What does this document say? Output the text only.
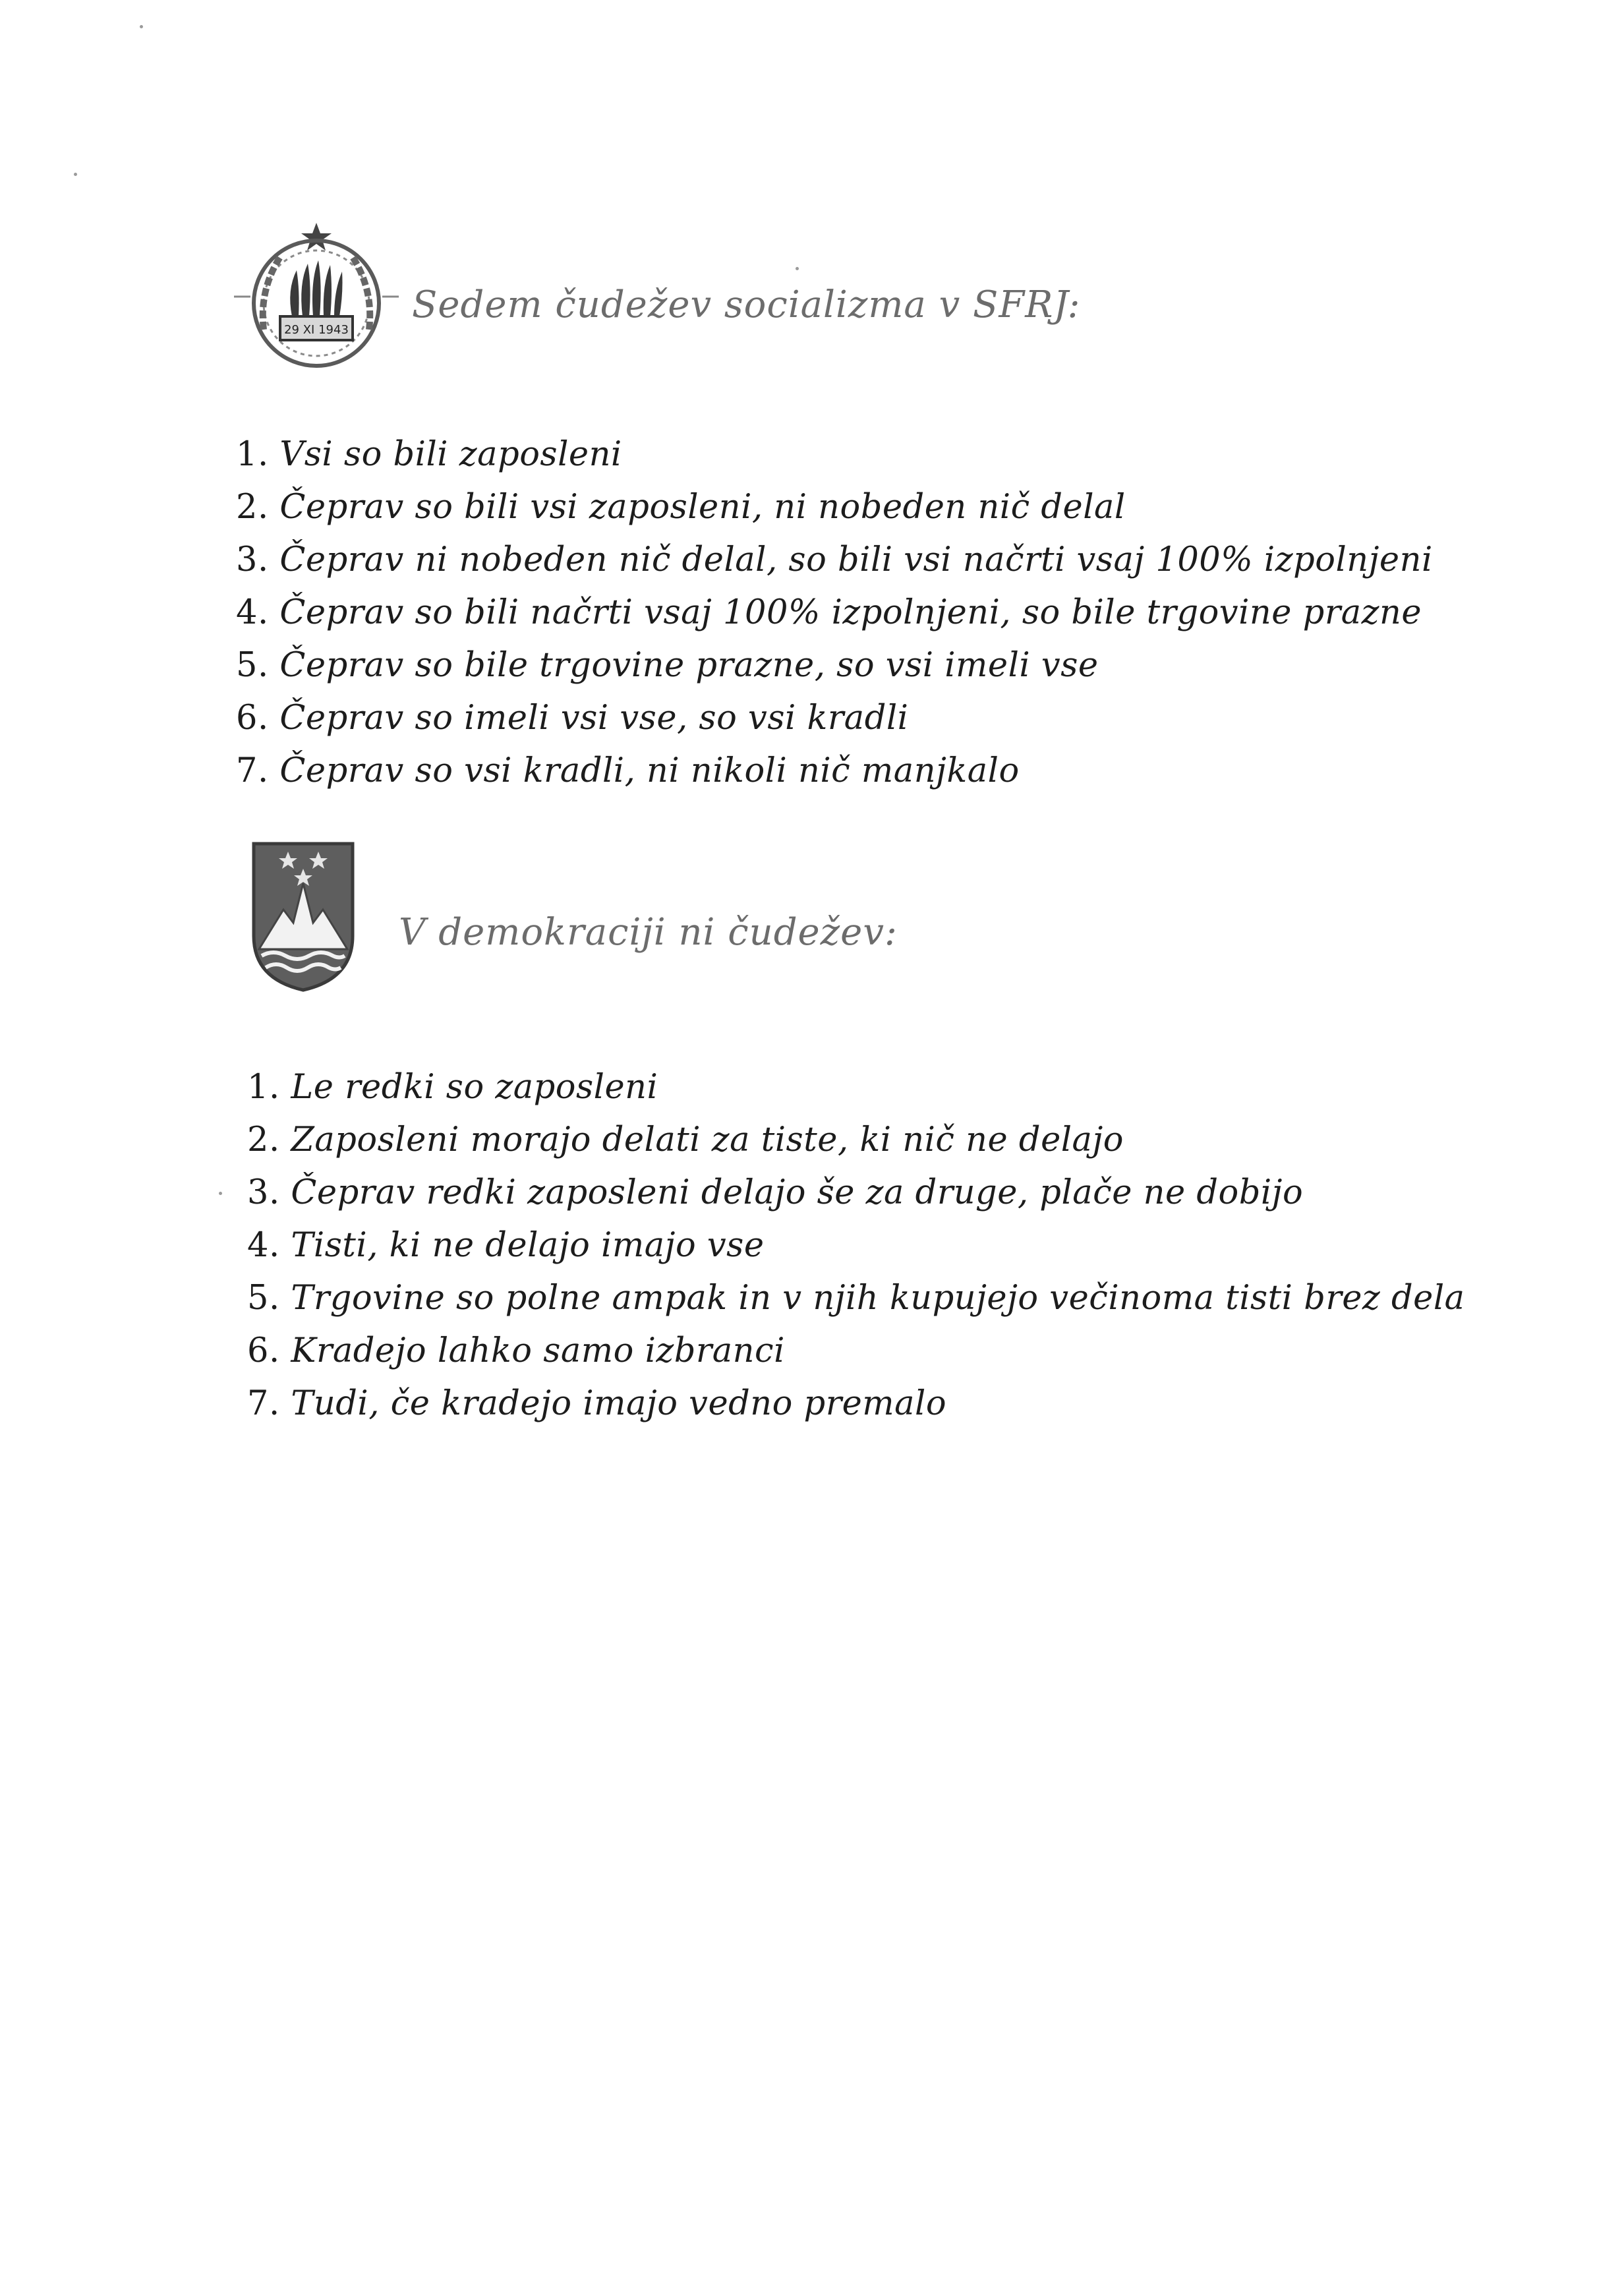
29 XI 1943
Sedem čudežev socializma v SFRJ:
1. Vsi so bili zaposleni
2. Čeprav so bili vsi zaposleni, ni nobeden nič delal
3. Čeprav ni nobeden nič delal, so bili vsi načrti vsaj 100% izpolnjeni
4. Čeprav so bili načrti vsaj 100% izpolnjeni, so bile trgovine prazne
5. Čeprav so bile trgovine prazne, so vsi imeli vse
6. Čeprav so imeli vsi vse, so vsi kradli
7. Čeprav so vsi kradli, ni nikoli nič manjkalo
V demokraciji ni čudežev:
1. Le redki so zaposleni
2. Zaposleni morajo delati za tiste, ki nič ne delajo
3. Čeprav redki zaposleni delajo še za druge, plače ne dobijo
4. Tisti, ki ne delajo imajo vse
5. Trgovine so polne ampak in v njih kupujejo večinoma tisti brez dela
6. Kradejo lahko samo izbranci
7. Tudi, če kradejo imajo vedno premalo
